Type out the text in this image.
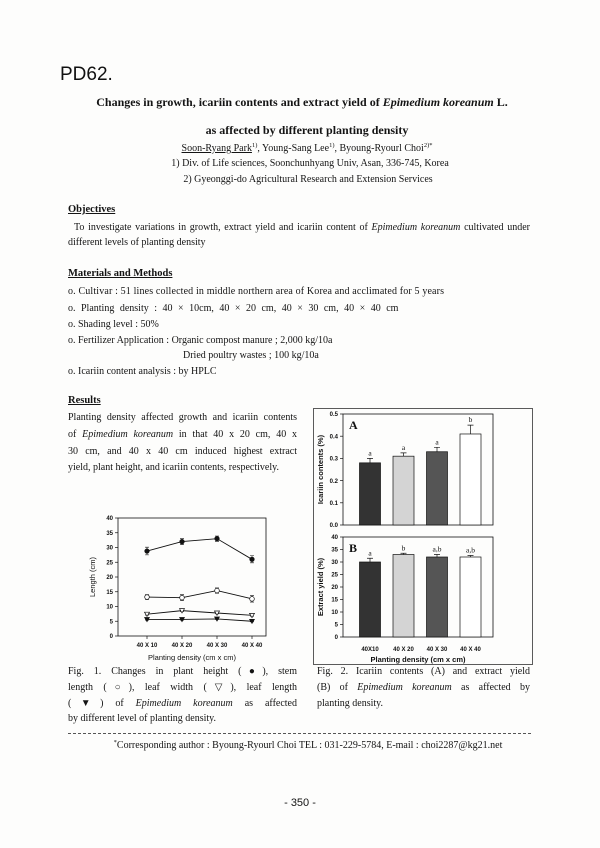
PD62.
Changes in growth, icariin contents and extract yield of Epimedium koreanum L.
as affected by different planting density
Soon-Ryang Park$^{1)}$, Young-Sang Lee$^{1)}$, Byoung-Ryourl Choi$^{2)*}$
1) Div. of Life sciences, Soonchunhyang Univ, Asan, 336-745, Korea
2) Gyeonggi-do Agricultural Research and Extension Services
Objectives
To investigate variations in growth, extract yield and icariin content of Epimedium koreanum cultivated under
different levels of planting density
Materials and Methods
o. Cultivar : 51 lines collected in middle northern area of Korea and acclimated for 5 years
o. Planting density : 40 × 10cm, 40 × 20 cm, 40 × 30 cm, 40 × 40 cm
o. Shading level : 50%
o. Fertilizer Application : Organic compost manure ; 2,000 kg/10a
Dried poultry wastes ; 100 kg/10a
o. Icariin content analysis : by HPLC
Results
Planting density affected growth and icariin contents
of Epimedium koreanum in that 40 x 20 cm, 40 x
30 cm, and 40 x 40 cm induced highest extract
yield, plant height, and icariin contents, respectively.
0
5
10
15
20
25
30
35
40
40 X 10 40 X 20 40 X 30 40 X 40
Length (cm)
Planting density (cm x cm)
0.0
0.1
0.2
0.3
0.4
0.5
Icariin contents (%)
A
a
a
a
b
0
5
10
15
20
25
30
35
40
Extract yield (%)
B a
b	a,b	a,b
40X10 40 X 20 40 X 30 40 X 40
Planting density (cm x cm)
Fig. 1. Changes in plant height (●), stem
length (○), leaf width (▽), leaf length
(▼) of Epimedium koreanum as affected
by different level of planting density.
Fig. 2. Icariin contents (A) and extract yield
(B) of Epimedium koreanum as affected by
planting density.
*Corresponding author : Byoung-Ryourl Choi TEL : 031-229-5784, E-mail : choi2287@kg21.net
- 350 -
